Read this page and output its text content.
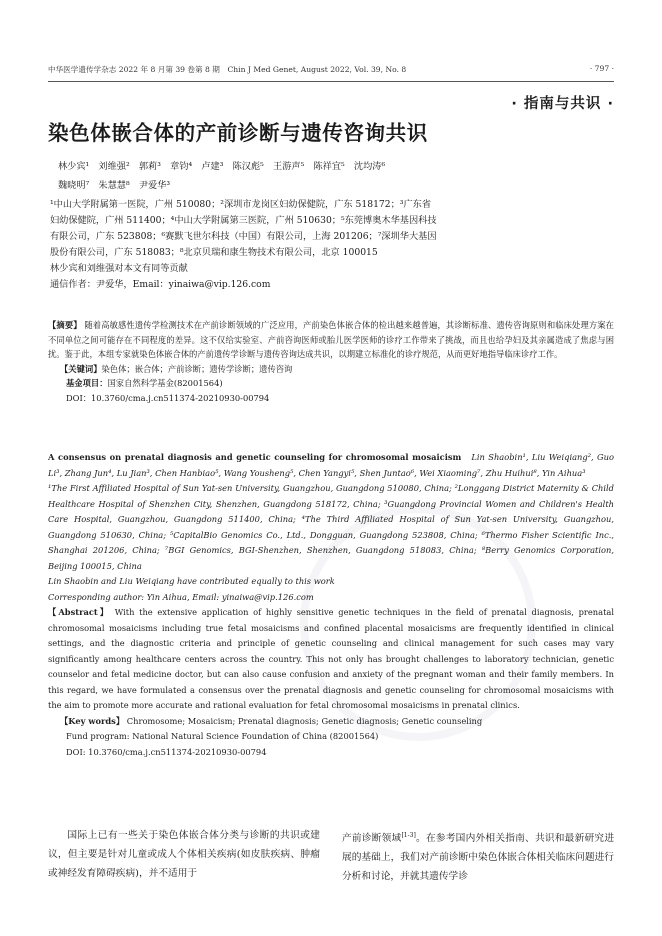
中华医学遗传学杂志 2022 年 8 月第 39 卷第 8 期　Chin J Med Genet, August 2022, Vol. 39, No. 8	· 797 ·
· 指南与共识 ·
染色体嵌合体的产前诊断与遗传咨询共识
林少宾¹　刘维强²　郭莉³　章钧⁴　卢建³　陈汉彪⁵　王游声⁵　陈祥宜⁵　沈均涛⁶
魏晓明⁷　朱慧慧⁸　尹爱华³

¹中山大学附属第一医院，广州 510080；²深圳市龙岗区妇幼保健院，广东 518172；³广东省

妇幼保健院，广州 511400；⁴中山大学附属第三医院，广州 510630；⁵东莞博奥木华基因科技

有限公司，广东 523808；⁶赛默飞世尔科技（中国）有限公司，上海 201206；⁷深圳华大基因

股份有限公司，广东 518083；⁸北京贝瑞和康生物技术有限公司，北京 100015

林少宾和刘维强对本文有同等贡献

通信作者：尹爱华，Email：yinaiwa@vip.126.com

【摘要】 随着高敏感性遗传学检测技术在产前诊断领域的广泛应用，产前染色体嵌合体的检出越来越普遍，其诊断标准、遗传咨询原则和临床处理方案在不同单位之间可能存在不同程度的差异。这不仅给实验室、产前咨询医师或胎儿医学医师的诊疗工作带来了挑战，而且也给孕妇及其亲属造成了焦虑与困扰。鉴于此，本组专家就染色体嵌合体的产前遗传学诊断与遗传咨询达成共识，以期建立标准化的诊疗规范，从而更好地指导临床诊疗工作。

【关键词】染色体；嵌合体；产前诊断；遗传学诊断；遗传咨询

基金项目：国家自然科学基金(82001564)

DOI：10.3760/cma.j.cn511374-20210930-00794

A consensus on prenatal diagnosis and genetic counseling for chromosomal mosaicism Lin Shaobin¹, Liu Weiqiang², Guo Li³, Zhang Jun⁴, Lu Jian³, Chen Hanbiao⁵, Wang Yousheng⁵, Chen Yangyi⁵, Shen Juntao⁶, Wei Xiaoming⁷, Zhu Huihui⁸, Yin Aihua³

¹The First Affiliated Hospital of Sun Yat-sen University, Guangzhou, Guangdong 510080, China; ²Longgang District Maternity & Child Healthcare Hospital of Shenzhen City, Shenzhen, Guangdong 518172, China; ³Guangdong Provincial Women and Children's Health Care Hospital, Guangzhou, Guangdong 511400, China; ⁴The Third Affiliated Hospital of Sun Yat-sen University, Guangzhou, Guangdong 510630, China; ⁵CapitalBio Genomics Co., Ltd., Dongguan, Guangdong 523808, China; ⁶Thermo Fisher Scientific Inc., Shanghai 201206, China; ⁷BGI Genomics, BGI-Shenzhen, Shenzhen, Guangdong 518083, China; ⁸Berry Genomics Corporation, Beijing 100015, China

Lin Shaobin and Liu Weiqiang have contributed equally to this work

Corresponding author: Yin Aihua, Email: yinaiwa@vip.126.com

【Abstract】 With the extensive application of highly sensitive genetic techniques in the field of prenatal diagnosis, prenatal chromosomal mosaicisms including true fetal mosaicisms and confined placental mosaicisms are frequently identified in clinical settings, and the diagnostic criteria and principle of genetic counseling and clinical management for such cases may vary significantly among healthcare centers across the country. This not only has brought challenges to laboratory technician, genetic counselor and fetal medicine doctor, but can also cause confusion and anxiety of the pregnant woman and their family members. In this regard, we have formulated a consensus over the prenatal diagnosis and genetic counseling for chromosomal mosaicisms with the aim to promote more accurate and rational evaluation for fetal chromosomal mosaicisms in prenatal clinics.

【Key words】 Chromosome; Mosaicism; Prenatal diagnosis; Genetic diagnosis; Genetic counseling

Fund program: National Natural Science Foundation of China (82001564)

DOI: 10.3760/cma.j.cn511374-20210930-00794

国际上已有一些关于染色体嵌合体分类与诊断的共识或建议，但主要是针对儿童或成人个体相关疾病(如皮肤疾病、肿瘤或神经发育障碍疾病)，并不适用于
产前诊断领域[1-3]。在参考国内外相关指南、共识和最新研究进展的基础上，我们对产前诊断中染色体嵌合体相关临床问题进行分析和讨论，并就其遗传学诊
